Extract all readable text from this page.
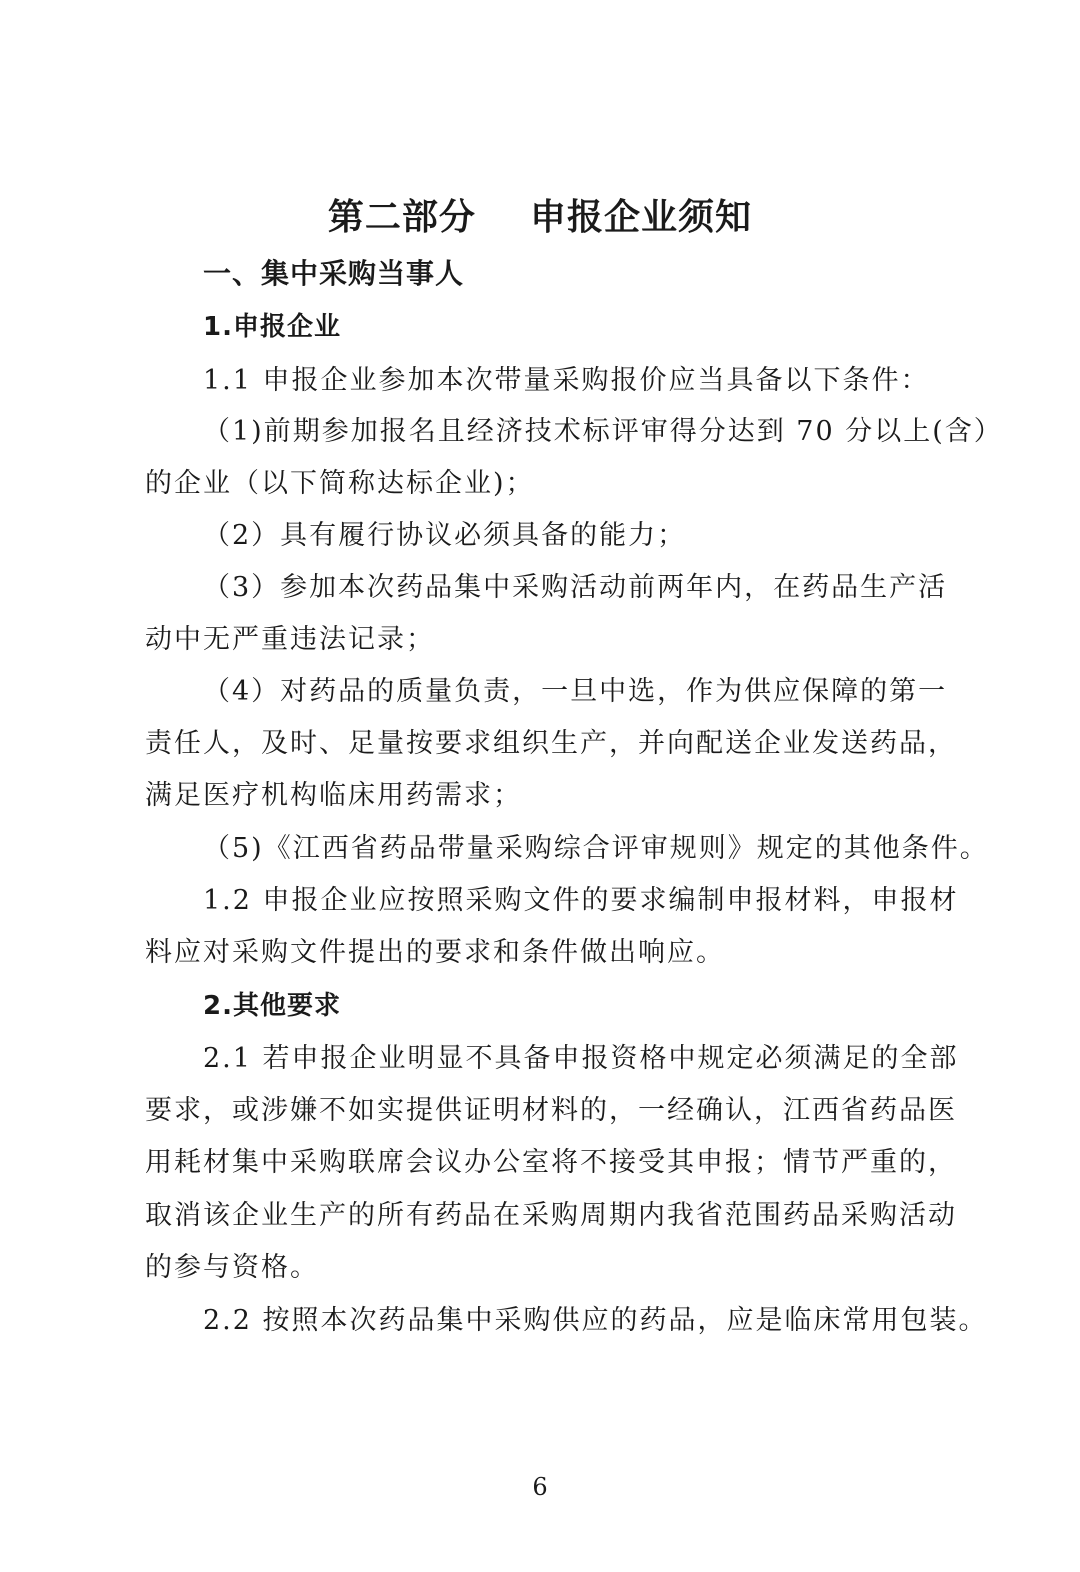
第二部分    申报企业须知
一、集中采购当事人
1.申报企业
1.1 申报企业参加本次带量采购报价应当具备以下条件：
（1)前期参加报名且经济技术标评审得分达到 70 分以上(含）
的企业（以下简称达标企业)；
（2）具有履行协议必须具备的能力；
（3）参加本次药品集中采购活动前两年内，在药品生产活
动中无严重违法记录；
（4）对药品的质量负责，一旦中选，作为供应保障的第一
责任人，及时、足量按要求组织生产，并向配送企业发送药品，
满足医疗机构临床用药需求；
（5)《江西省药品带量采购综合评审规则》规定的其他条件。
1.2 申报企业应按照采购文件的要求编制申报材料，申报材
料应对采购文件提出的要求和条件做出响应。
2.其他要求
2.1 若申报企业明显不具备申报资格中规定必须满足的全部
要求，或涉嫌不如实提供证明材料的，一经确认，江西省药品医
用耗材集中采购联席会议办公室将不接受其申报；情节严重的，
取消该企业生产的所有药品在采购周期内我省范围药品采购活动
的参与资格。
2.2 按照本次药品集中采购供应的药品，应是临床常用包装。
6
